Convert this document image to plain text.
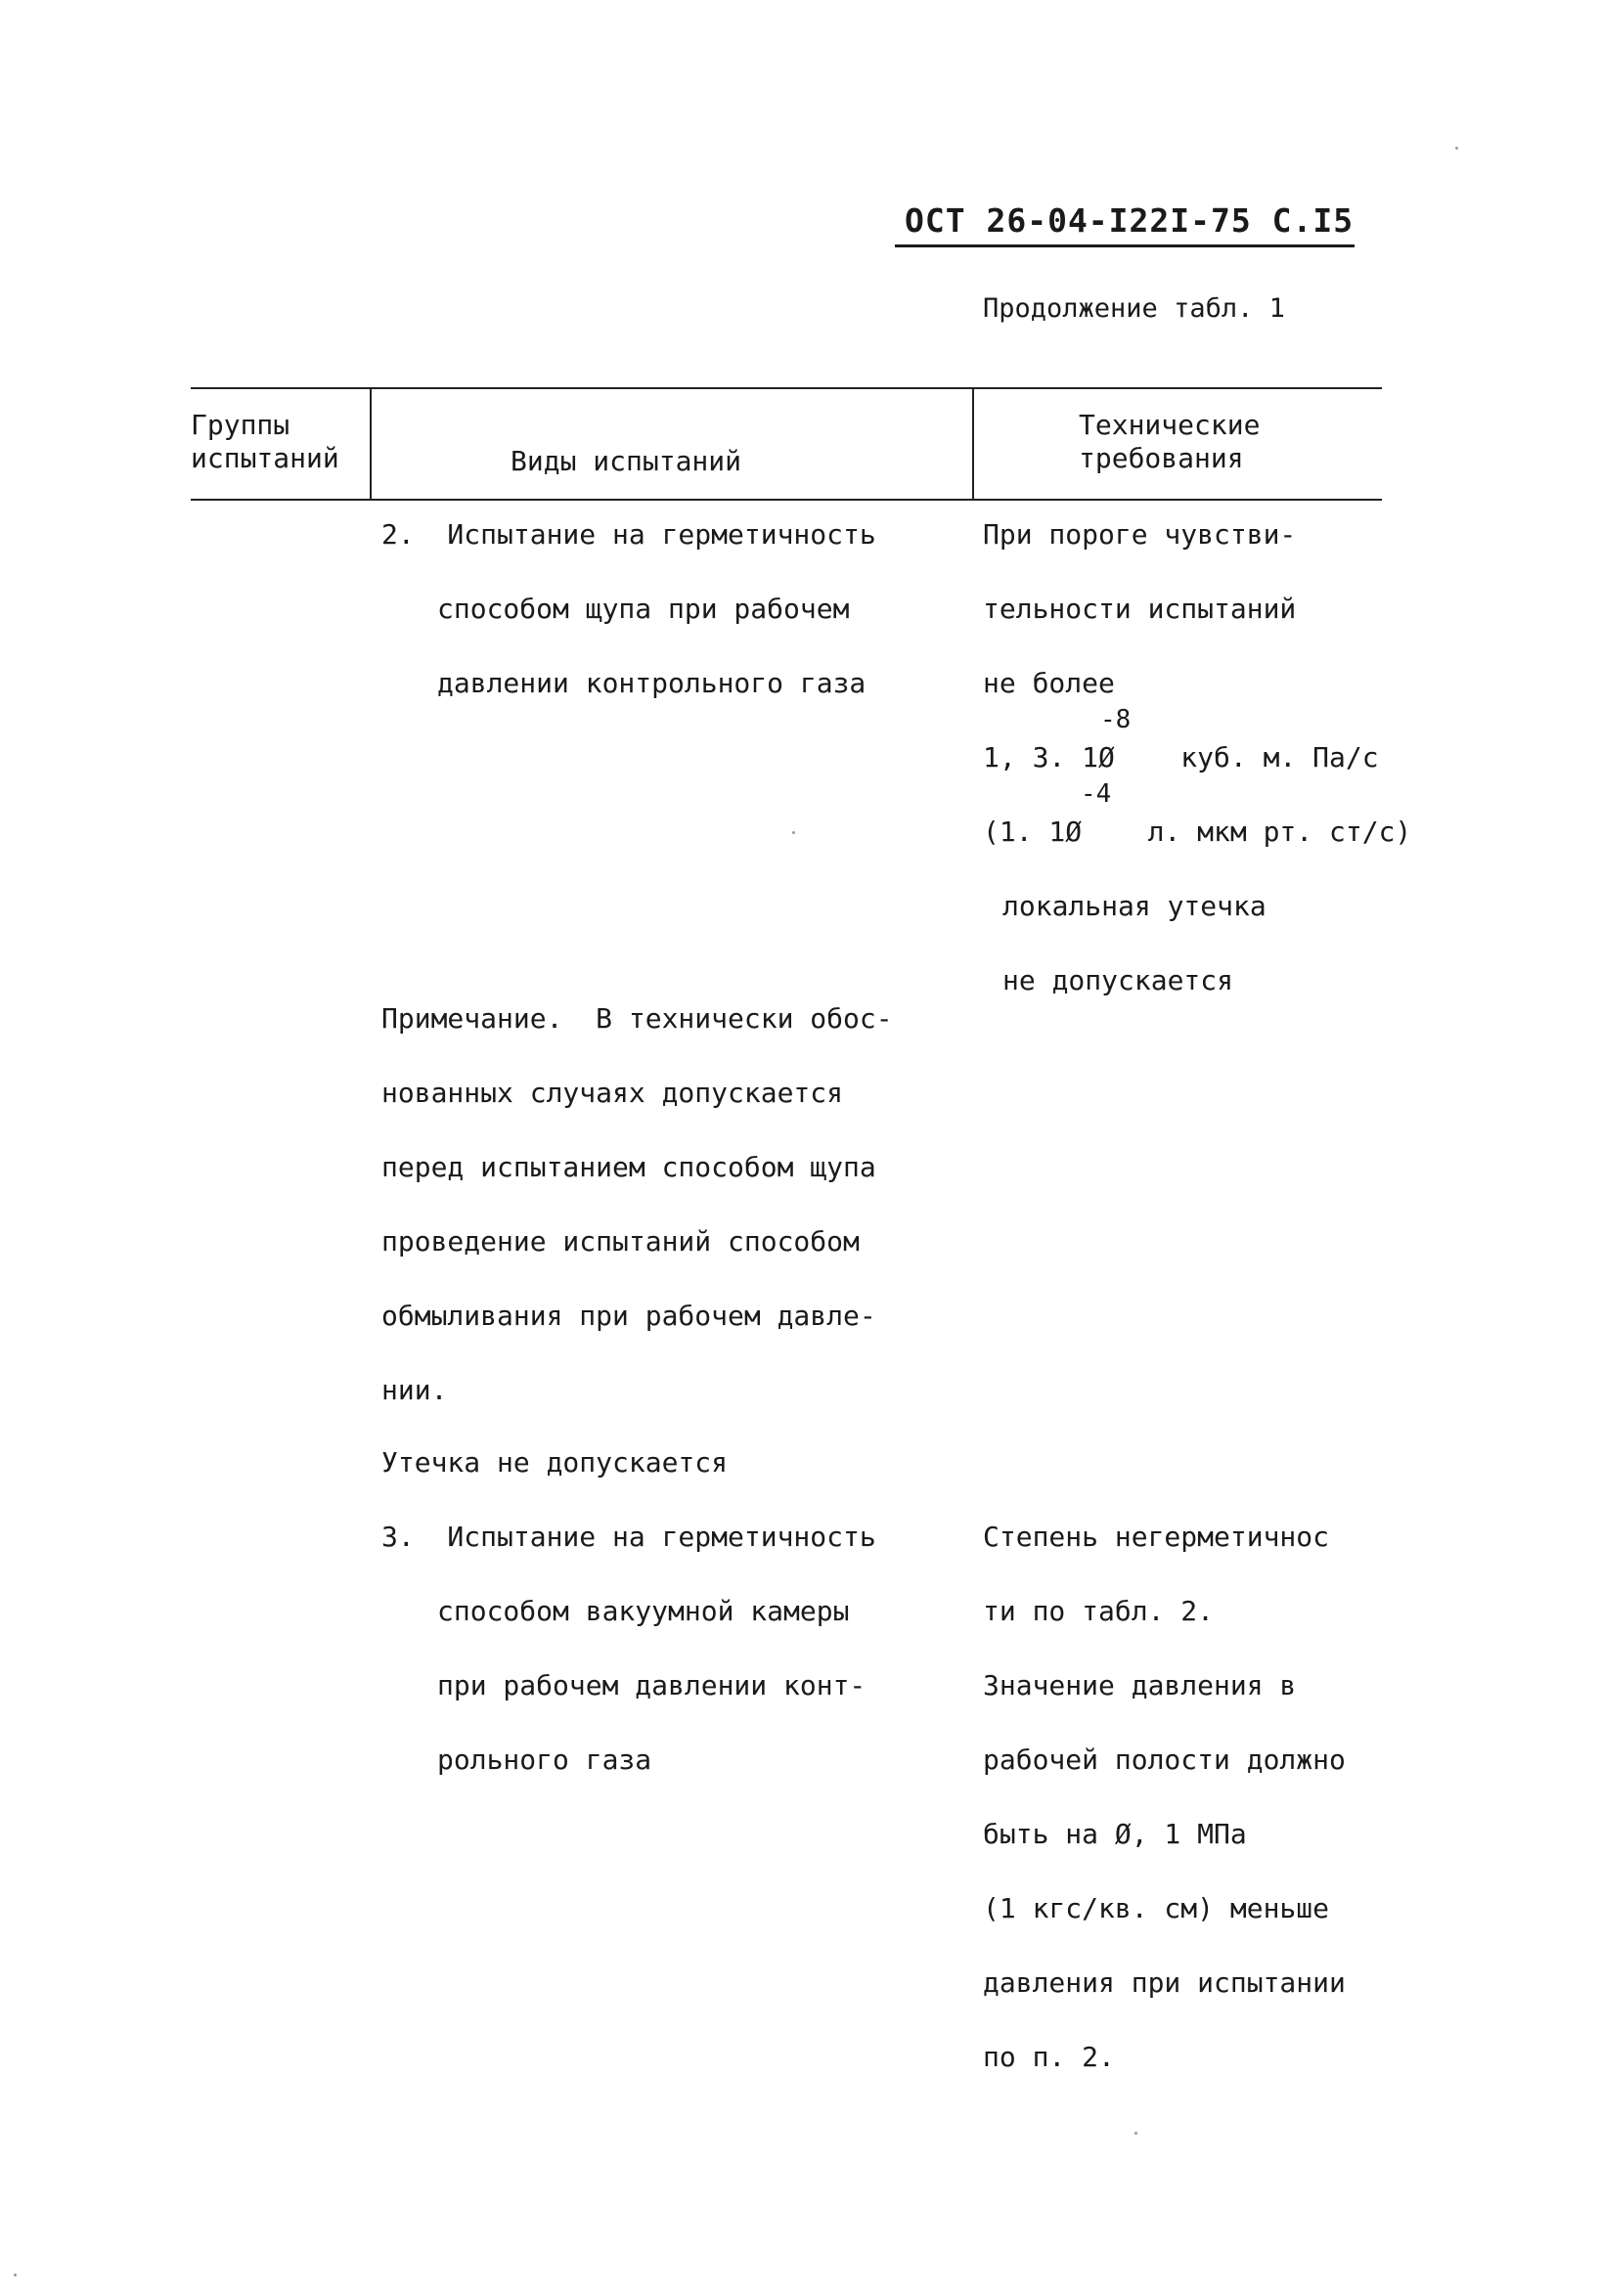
ОСТ 26-04-I22I-75 С.I5
Продолжение табл. 1
Группы
испытаний	Виды испытаний
Технические
требования
2.  Испытание на герметичность
способом щупа при рабочем
давлении контрольного газа
При пороге чувстви-
тельности испытаний
не более
-8
1, 3. 1Ø    куб. м. Па/с
-4
(1. 1Ø    л. мкм рт. ст/с)
локальная утечка
не допускается
Примечание.  В технически обос-
нованных случаях допускается
перед испытанием способом щупа
проведение испытаний способом
обмыливания при рабочем давле-
нии.
Утечка не допускается
3.  Испытание на герметичность
способом вакуумной камеры
при рабочем давлении конт-
рольного газа
Степень негерметичнос
ти по табл. 2.
Значение давления в
рабочей полости должно
быть на Ø, 1 МПа
(1 кгс/кв. см) меньше
давления при испытании
по п. 2.
